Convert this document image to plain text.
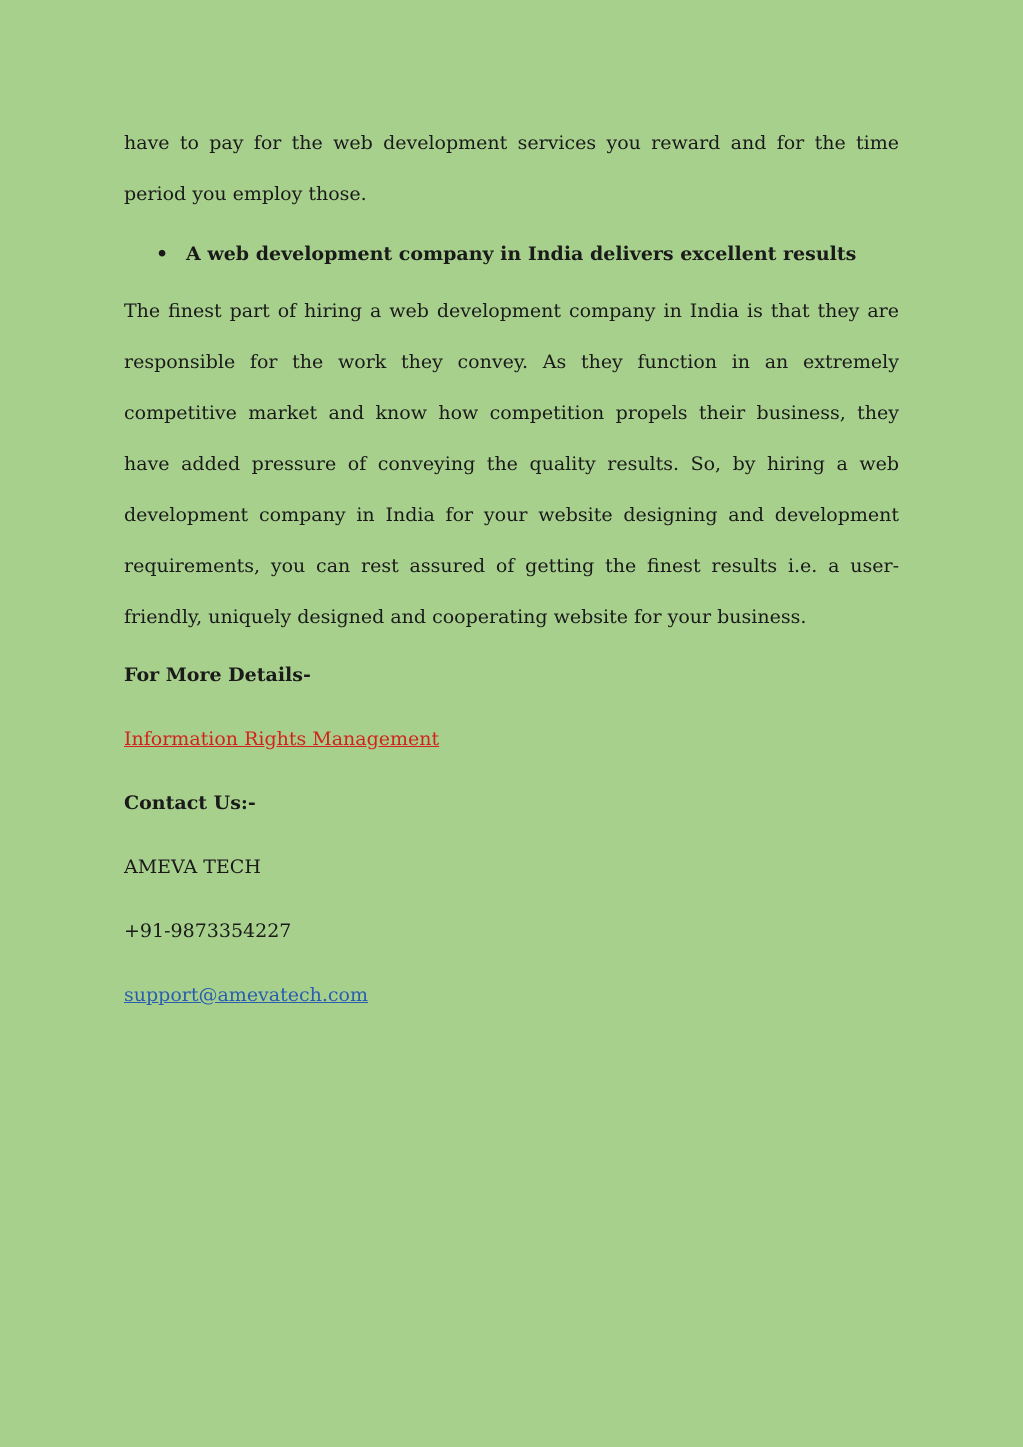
have to pay for the web development services you reward and for the time period you employ those.

• A web development company in India delivers excellent results

The finest part of hiring a web development company in India is that they are responsible for the work they convey. As they function in an extremely competitive market and know how competition propels their business, they have added pressure of conveying the quality results. So, by hiring a web development company in India for your website designing and development requirements, you can rest assured of getting the finest results i.e. a user-friendly, uniquely designed and cooperating website for your business.

For More Details-

Information Rights Management

Contact Us:-

AMEVA TECH

+91-9873354227

support@amevatech.com
